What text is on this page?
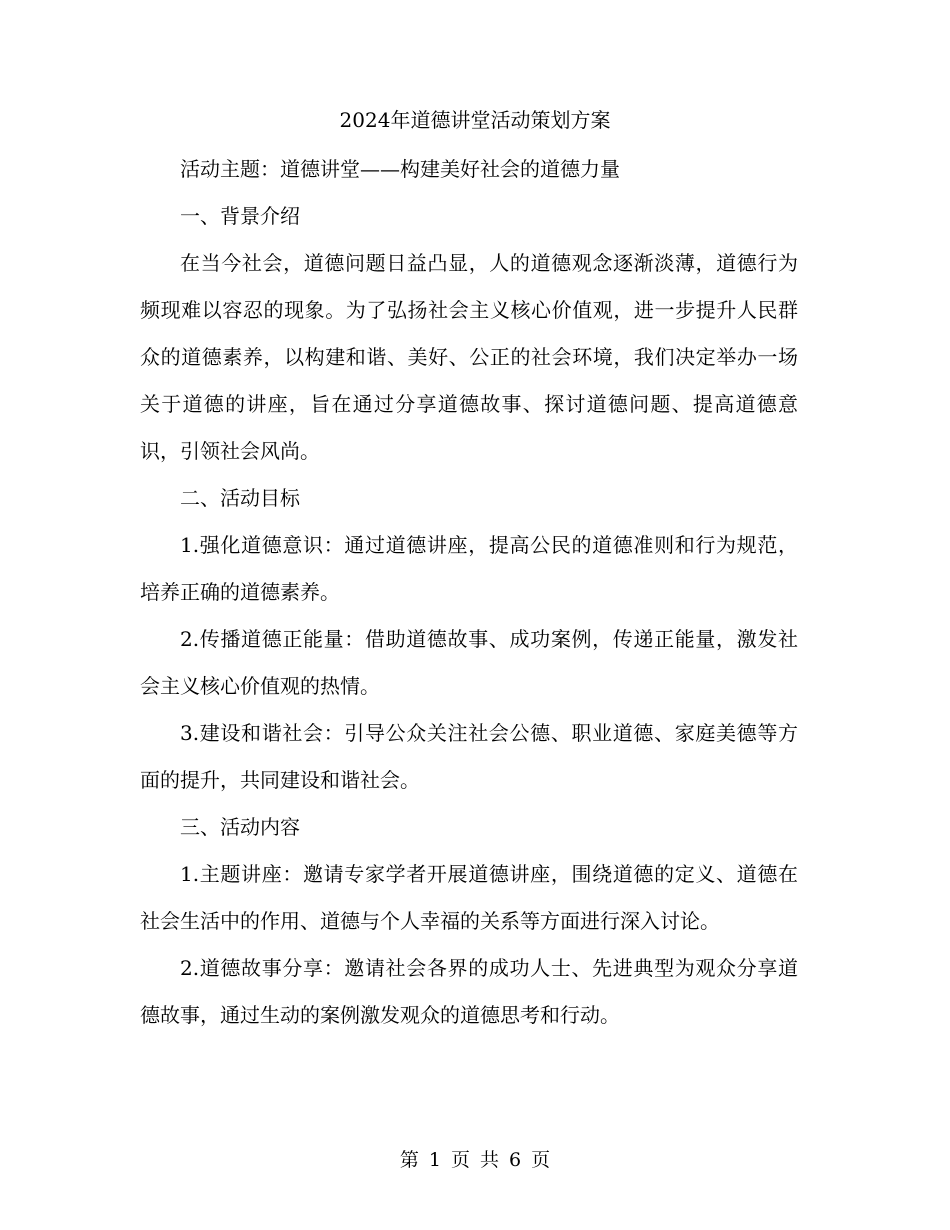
2024年道德讲堂活动策划方案

活动主题：道德讲堂——构建美好社会的道德力量

一、背景介绍

在当今社会，道德问题日益凸显，人的道德观念逐渐淡薄，道德行为频现难以容忍的现象。为了弘扬社会主义核心价值观，进一步提升人民群众的道德素养，以构建和谐、美好、公正的社会环境，我们决定举办一场关于道德的讲座，旨在通过分享道德故事、探讨道德问题、提高道德意识，引领社会风尚。

二、活动目标

1.强化道德意识：通过道德讲座，提高公民的道德准则和行为规范，培养正确的道德素养。

2.传播道德正能量：借助道德故事、成功案例，传递正能量，激发社会主义核心价值观的热情。

3.建设和谐社会：引导公众关注社会公德、职业道德、家庭美德等方面的提升，共同建设和谐社会。

三、活动内容

1.主题讲座：邀请专家学者开展道德讲座，围绕道德的定义、道德在社会生活中的作用、道德与个人幸福的关系等方面进行深入讨论。

2.道德故事分享：邀请社会各界的成功人士、先进典型为观众分享道德故事，通过生动的案例激发观众的道德思考和行动。

第 1 页 共 6 页
